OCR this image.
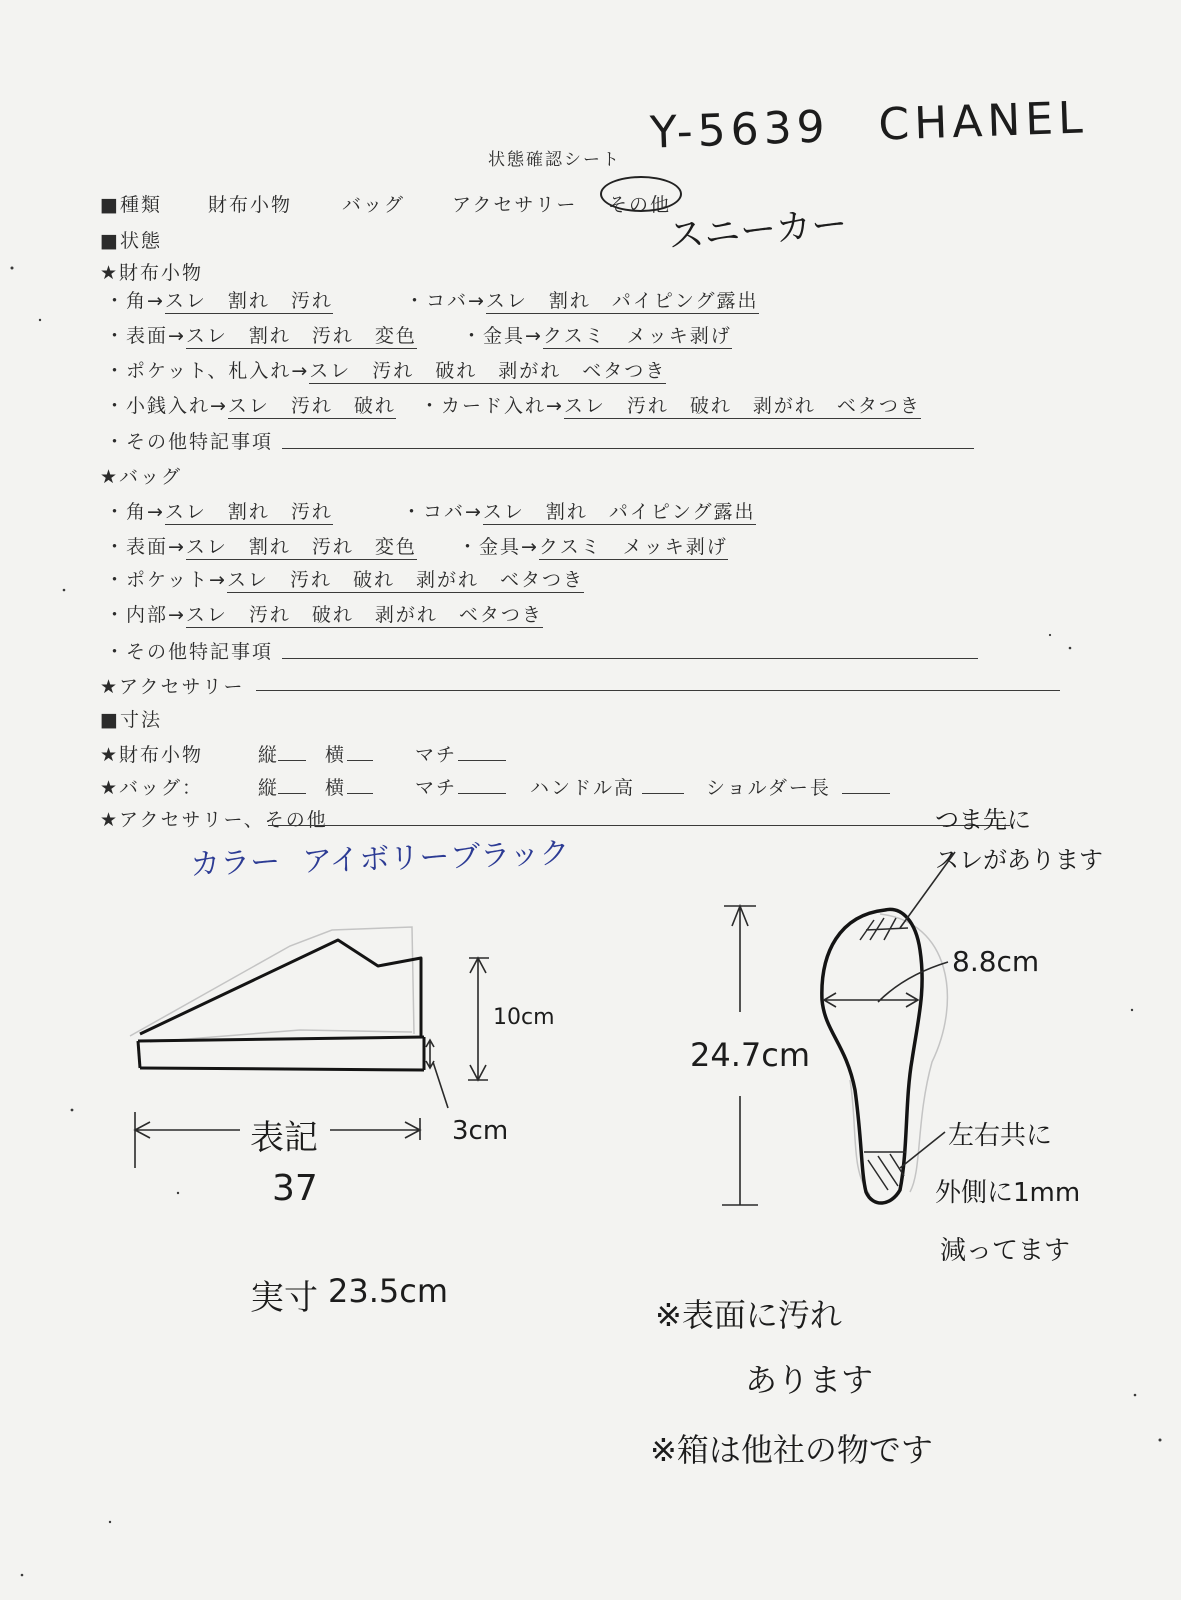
状態確認シート
Y-5639 CHANEL
■種類 財布小物	バッグ アクセサリー その他
スニーカー
■状態
★財布小物
・角→スレ　割れ　汚れ	・コバ→スレ　割れ　パイピング露出
・表面→スレ　割れ　汚れ　変色 ・金具→クスミ　メッキ剥げ
・ポケット、札入れ→スレ　汚れ　破れ　剥がれ　ベタつき
・小銭入れ→スレ　汚れ　破れ ・カード入れ→スレ　汚れ　破れ　剥がれ　ベタつき
・その他特記事項
★バッグ
・角→スレ　割れ　汚れ	・コバ→スレ　割れ　パイピング露出
・表面→スレ　割れ　汚れ　変色 ・金具→クスミ　メッキ剥げ
・ポケット→スレ　汚れ　破れ　剥がれ　ベタつき
・内部→スレ　汚れ　破れ　剥がれ　ベタつき
・その他特記事項
★アクセサリー
■寸法
★財布小物	縦 横	マチ
★バッグ：	縦 横	マチ	ハンドル高	ショルダー長
★アクセサリー、その他
カラー アイボリー ブラック
10cm
3cm
表記
37
実寸 23.5cm
24.7cm
8.8cm
つま先に
スレがあります
左右共に
外側に1mm
減ってます
※表面に汚れ
あります
※箱は他社の物です
